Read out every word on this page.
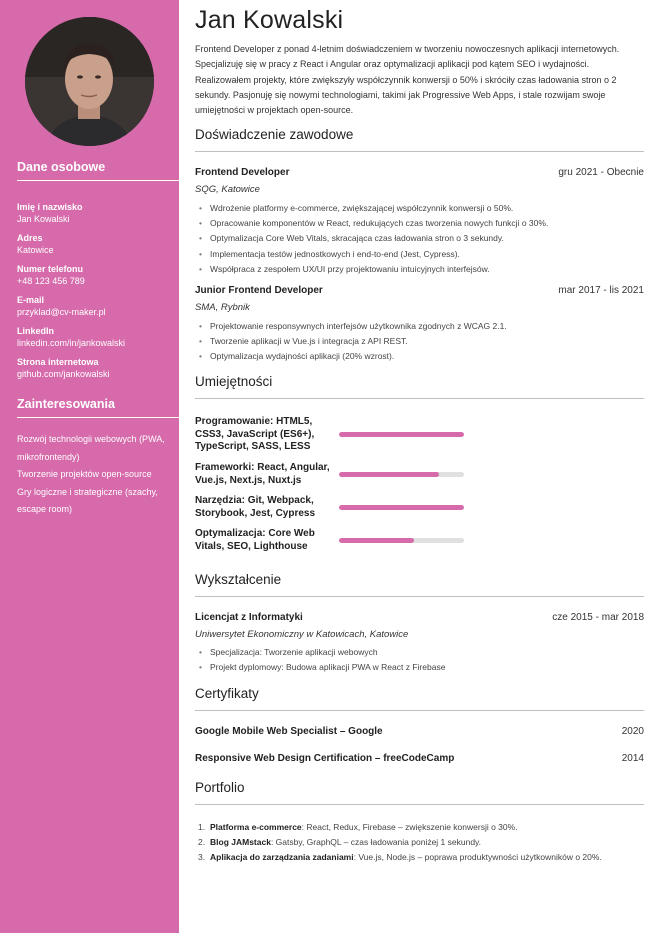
Dane osobowe
Imię i nazwisko
Jan Kowalski
Adres
Katowice
Numer telefonu
+48 123 456 789
E-mail
przyklad@cv-maker.pl
LinkedIn
linkedin.com/in/jankowalski
Strona internetowa
github.com/jankowalski
Zainteresowania
Rozwój technologii webowych (PWA, mikrofrontendy)
Tworzenie projektów open-source
Gry logiczne i strategiczne (szachy, escape room)
Jan Kowalski

Frontend Developer z ponad 4-letnim doświadczeniem w tworzeniu nowoczesnych aplikacji internetowych. Specjalizuję się w pracy z React i Angular oraz optymalizacji aplikacji pod kątem SEO i wydajności. Realizowałem projekty, które zwiększyły współczynnik konwersji o 50% i skróciły czas ładowania stron o 2 sekundy. Pasjonuję się nowymi technologiami, takimi jak Progressive Web Apps, i stale rozwijam swoje umiejętności w projektach open-source.

Doświadczenie zawodowe
Frontend Developer	gru 2021 - Obecnie
SQG, Katowice
• Wdrożenie platformy e-commerce, zwiększającej współczynnik konwersji o 50%.
• Opracowanie komponentów w React, redukujących czas tworzenia nowych funkcji o 30%.
• Optymalizacja Core Web Vitals, skracająca czas ładowania stron o 3 sekundy.
• Implementacja testów jednostkowych i end-to-end (Jest, Cypress).
• Współpraca z zespołem UX/UI przy projektowaniu intuicyjnych interfejsów.
Junior Frontend Developer	mar 2017 - lis 2021
SMA, Rybnik
• Projektowanie responsywnych interfejsów użytkownika zgodnych z WCAG 2.1.
• Tworzenie aplikacji w Vue.js i integracja z API REST.
• Optymalizacja wydajności aplikacji (20% wzrost).
Umiejętności
Programowanie: HTML5, CSS3, JavaScript (ES6+), TypeScript, SASS, LESS
Frameworki: React, Angular, Vue.js, Next.js, Nuxt.js
Narzędzia: Git, Webpack, Storybook, Jest, Cypress
Optymalizacja: Core Web Vitals, SEO, Lighthouse
Wykształcenie
Licencjat z Informatyki	cze 2015 - mar 2018
Uniwersytet Ekonomiczny w Katowicach, Katowice
• Specjalizacja: Tworzenie aplikacji webowych
• Projekt dyplomowy: Budowa aplikacji PWA w React z Firebase
Certyfikaty
Google Mobile Web Specialist – Google	2020
Responsive Web Design Certification – freeCodeCamp	2014
Portfolio
1. Platforma e-commerce: React, Redux, Firebase – zwiększenie konwersji o 30%.
2. Blog JAMstack: Gatsby, GraphQL – czas ładowania poniżej 1 sekundy.
3. Aplikacja do zarządzania zadaniami: Vue.js, Node.js – poprawa produktywności użytkowników o 20%.
